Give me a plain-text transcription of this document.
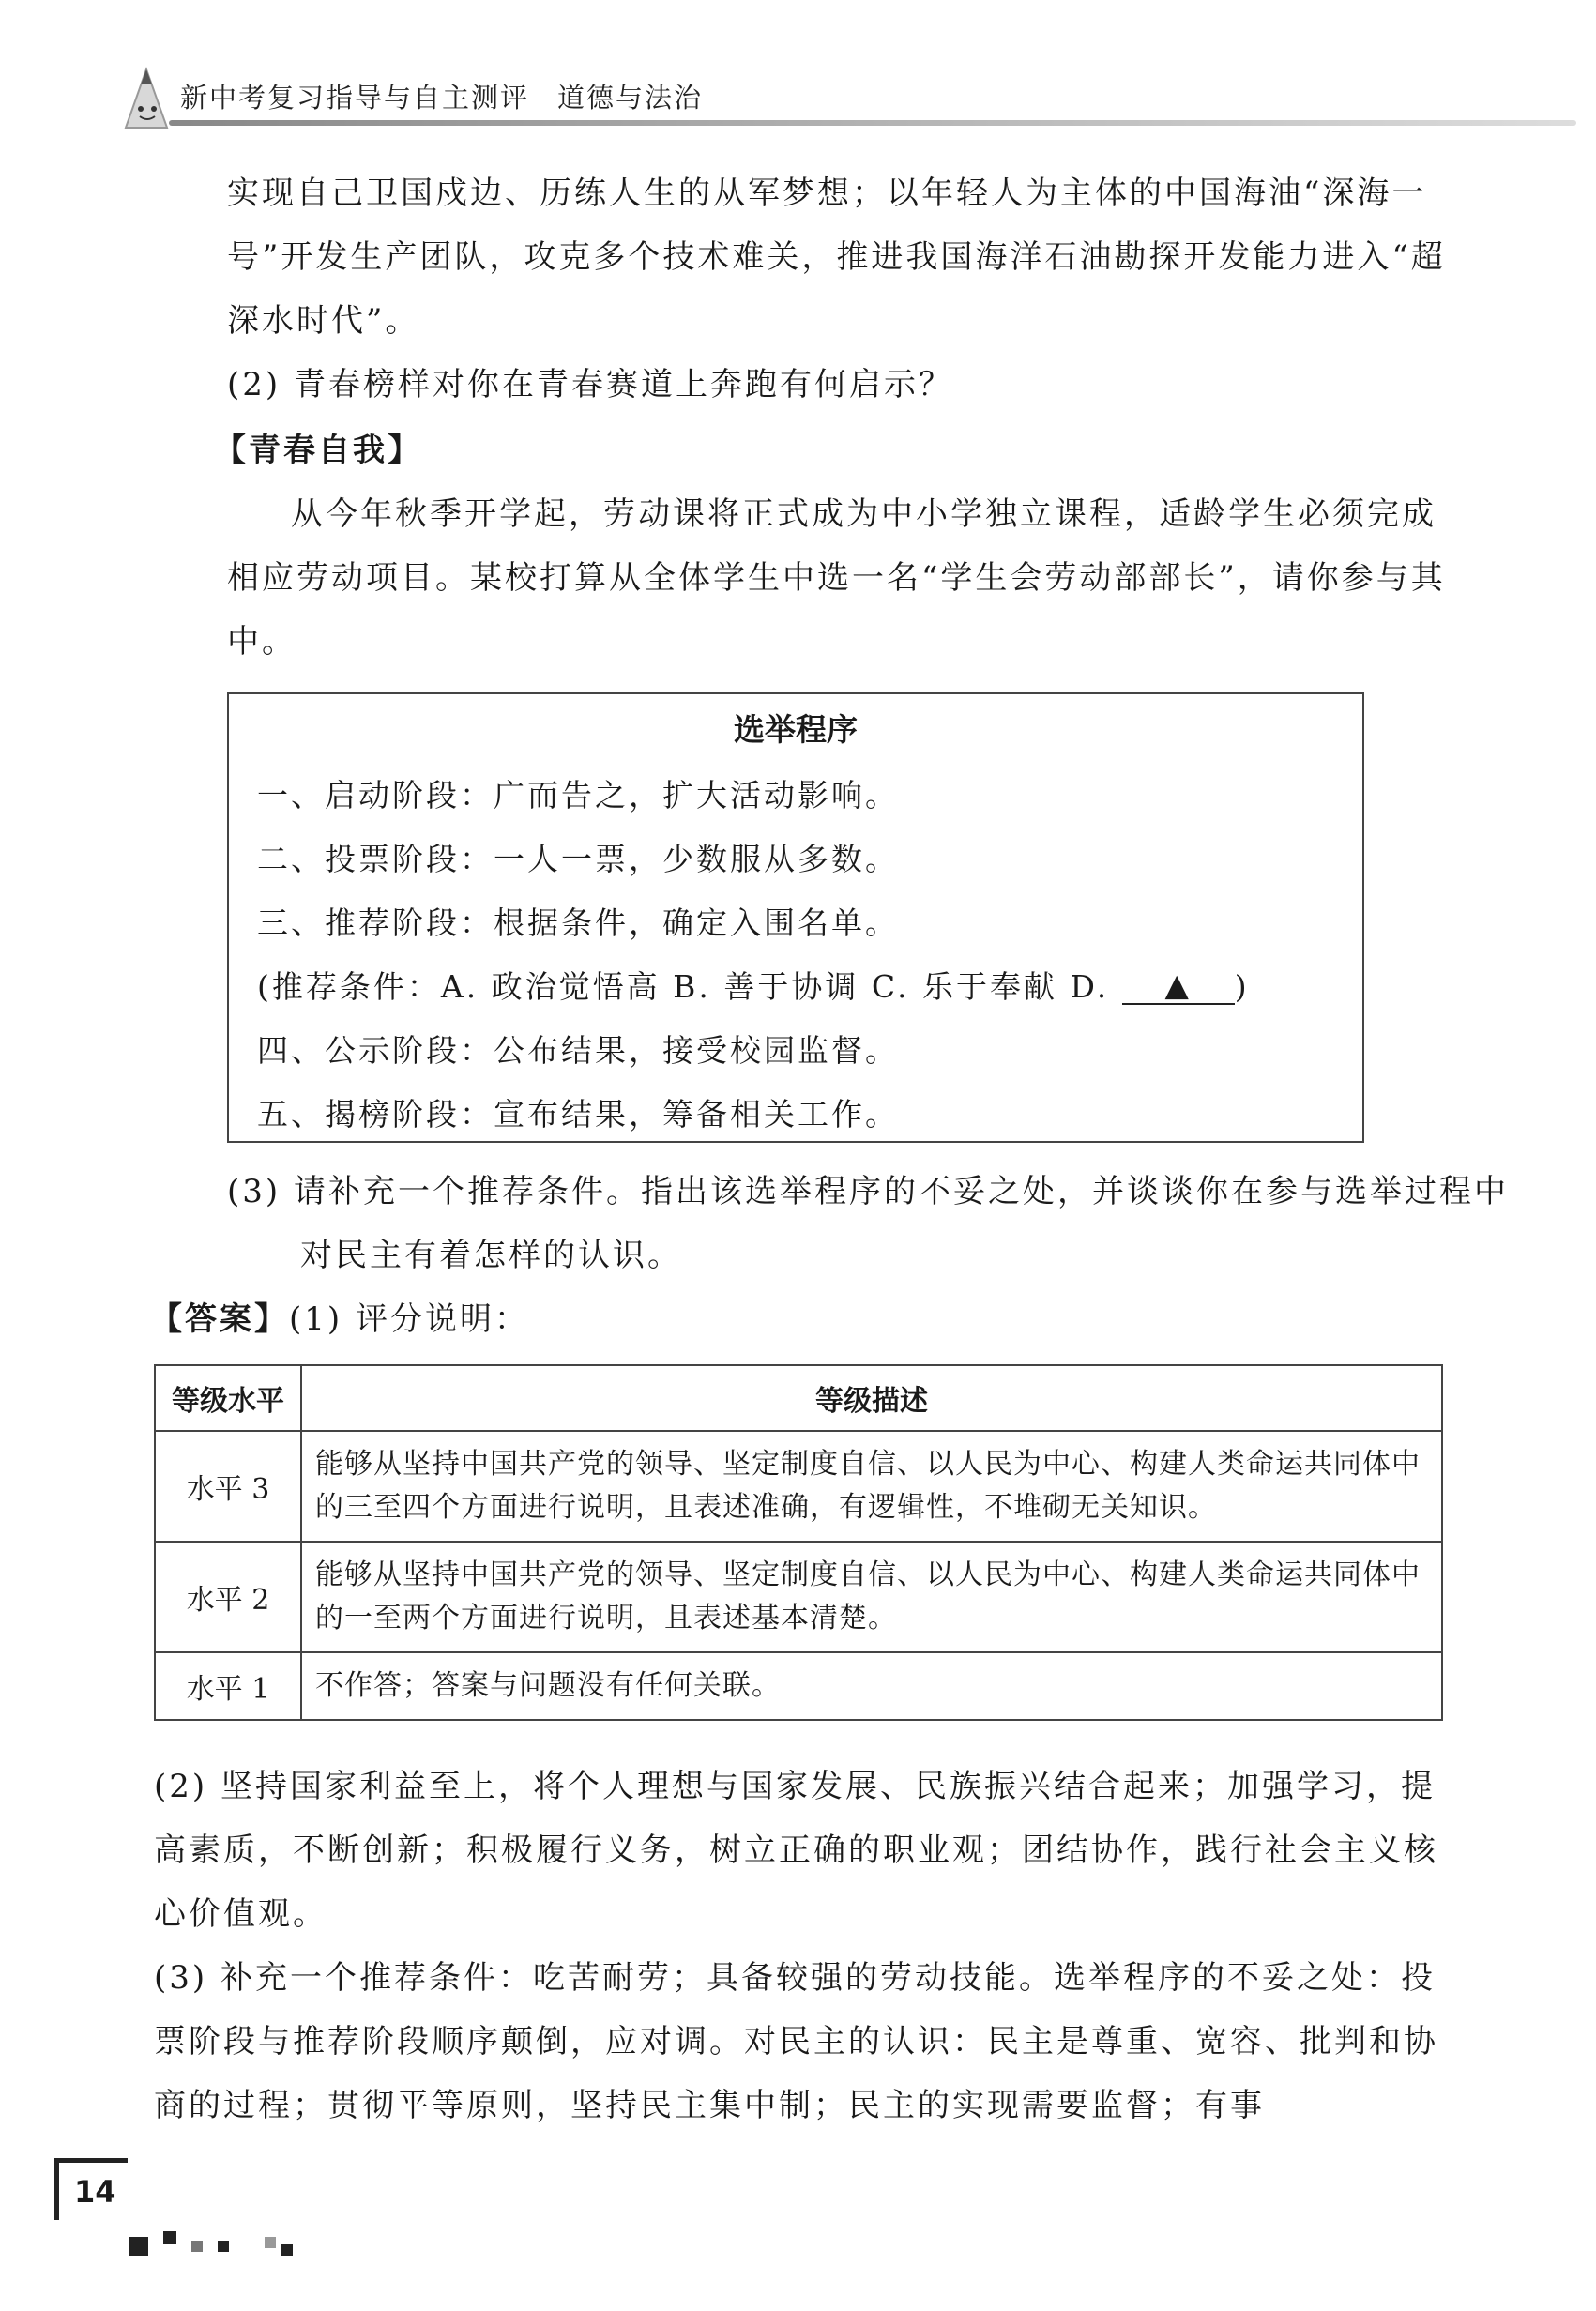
新中考复习指导与自主测评 道德与法治

实现自己卫国戍边、历练人生的从军梦想；以年轻人为主体的中国海油“深海一号”开发生产团队，攻克多个技术难关，推进我国海洋石油勘探开发能力进入“超深水时代”。

(2) 青春榜样对你在青春赛道上奔跑有何启示？

【青春自我】

从今年秋季开学起，劳动课将正式成为中小学独立课程，适龄学生必须完成相应劳动项目。某校打算从全体学生中选一名“学生会劳动部部长”，请你参与其中。

选举程序
一、启动阶段：广而告之，扩大活动影响。
二、投票阶段：一人一票，少数服从多数。
三、推荐阶段：根据条件，确定入围名单。
(推荐条件：A. 政治觉悟高 B. 善于协调 C. 乐于奉献 D. ▲ )
四、公示阶段：公布结果，接受校园监督。
五、揭榜阶段：宣布结果，筹备相关工作。

(3) 请补充一个推荐条件。指出该选举程序的不妥之处，并谈谈你在参与选举过程中对民主有着怎样的认识。

【答案】(1) 评分说明：

等级水平	等级描述
水平 3	能够从坚持中国共产党的领导、坚定制度自信、以人民为中心、构建人类命运共同体中的三至四个方面进行说明，且表述准确，有逻辑性，不堆砌无关知识。
水平 2	能够从坚持中国共产党的领导、坚定制度自信、以人民为中心、构建人类命运共同体中的一至两个方面进行说明，且表述基本清楚。
水平 1	不作答；答案与问题没有任何关联。

(2) 坚持国家利益至上，将个人理想与国家发展、民族振兴结合起来；加强学习，提高素质，不断创新；积极履行义务，树立正确的职业观；团结协作，践行社会主义核心价值观。

(3) 补充一个推荐条件：吃苦耐劳；具备较强的劳动技能。选举程序的不妥之处：投票阶段与推荐阶段顺序颠倒，应对调。对民主的认识：民主是尊重、宽容、批判和协商的过程；贯彻平等原则，坚持民主集中制；民主的实现需要监督；有事

14
